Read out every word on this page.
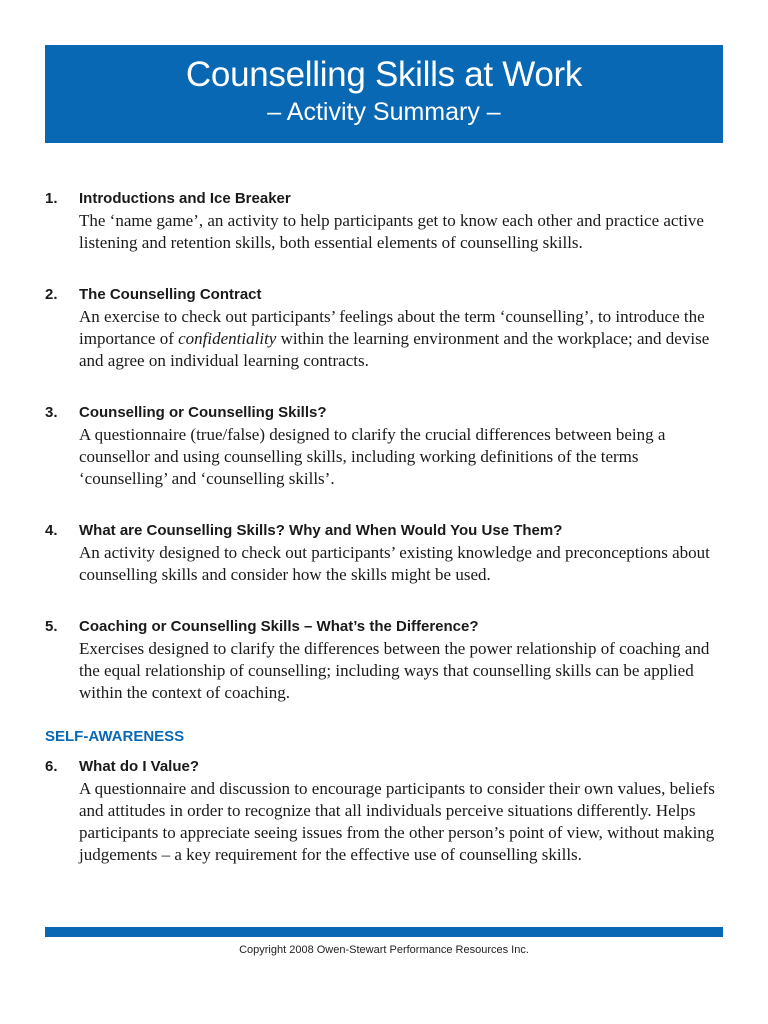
Counselling Skills at Work
– Activity Summary –
1. Introductions and Ice Breaker
The ‘name game’, an activity to help participants get to know each other and practice active listening and retention skills, both essential elements of counselling skills.
2. The Counselling Contract
An exercise to check out participants’ feelings about the term ‘counselling’, to introduce the importance of confidentiality within the learning environment and the workplace; and devise and agree on individual learning contracts.
3. Counselling or Counselling Skills?
A questionnaire (true/false) designed to clarify the crucial differences between being a counsellor and using counselling skills, including working definitions of the terms ‘counselling’ and ‘counselling skills’.
4. What are Counselling Skills? Why and When Would You Use Them?
An activity designed to check out participants’ existing knowledge and preconceptions about counselling skills and consider how the skills might be used.
5. Coaching or Counselling Skills – What’s the Difference?
Exercises designed to clarify the differences between the power relationship of coaching and the equal relationship of counselling; including ways that counselling skills can be applied within the context of coaching.
SELF-AWARENESS
6. What do I Value?
A questionnaire and discussion to encourage participants to consider their own values, beliefs and attitudes in order to recognize that all individuals perceive situations differently. Helps participants to appreciate seeing issues from the other person’s point of view, without making judgements – a key requirement for the effective use of counselling skills.
Copyright 2008 Owen-Stewart Performance Resources Inc.
